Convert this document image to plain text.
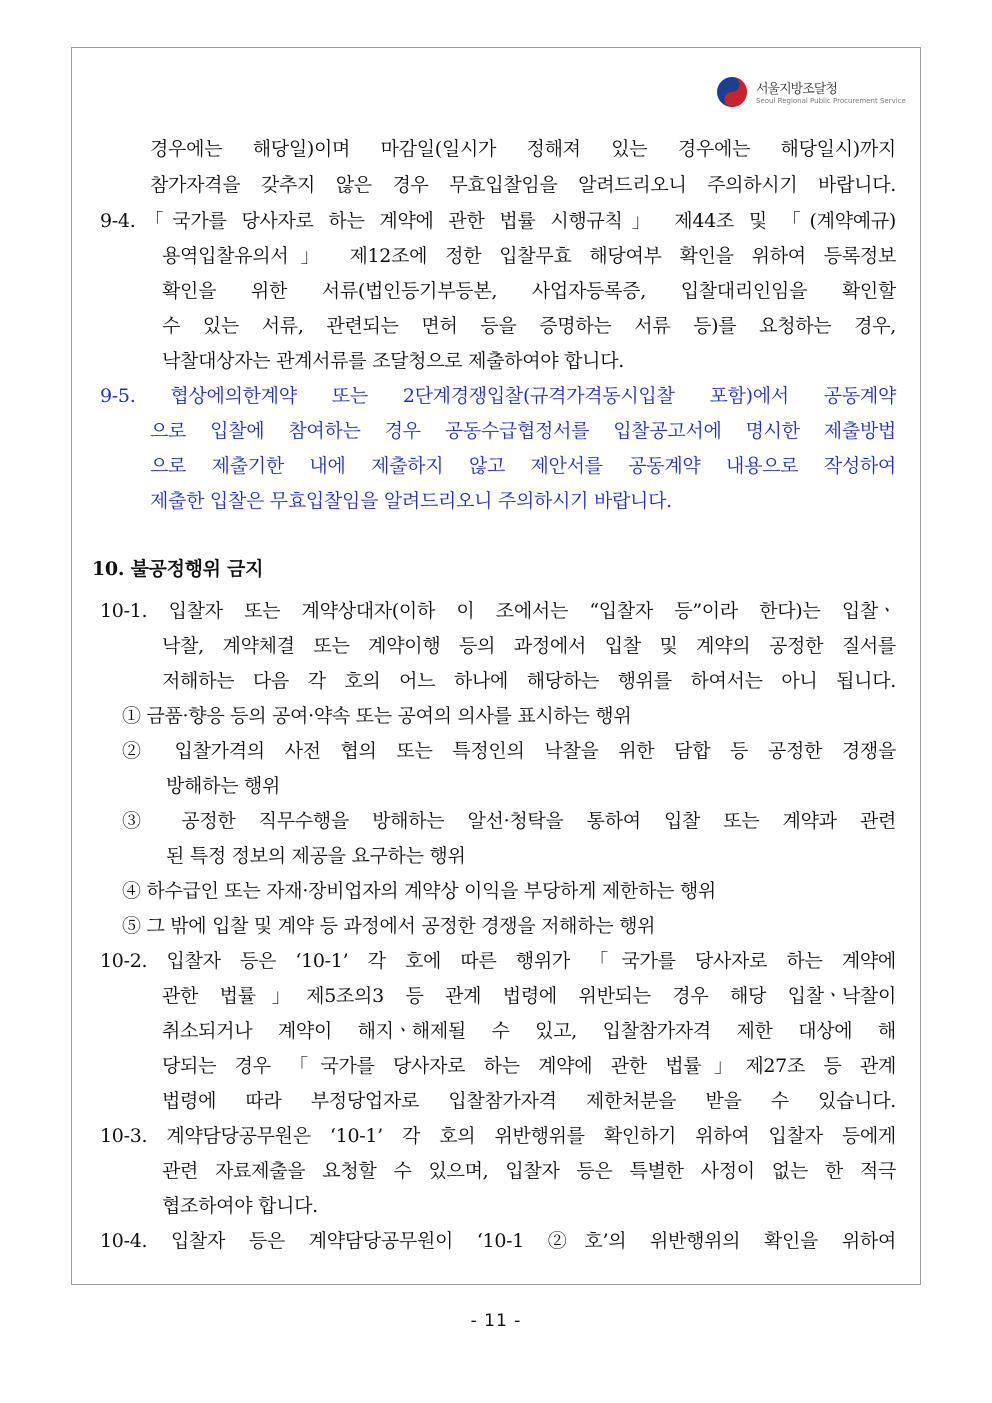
서울지방조달청
Seoul Regional Public Procurement Service
경우에는 해당일)이며 마감일(일시가 정해져 있는 경우에는 해당일시)까지
참가자격을 갖추지 않은 경우 무효입찰임을 알려드리오니 주의하시기 바랍니다.
9-4.「국가를 당사자로 하는 계약에 관한 법률 시행규칙」 제44조 및 「(계약예규)
용역입찰유의서」 제12조에 정한 입찰무효 해당여부 확인을 위하여 등록정보
확인을 위한 서류(법인등기부등본, 사업자등록증, 입찰대리인임을 확인할
수 있는 서류, 관련되는 면허 등을 증명하는 서류 등)를 요청하는 경우,
낙찰대상자는 관계서류를 조달청으로 제출하여야 합니다.
9-5. 협상에의한계약 또는 2단계경쟁입찰(규격가격동시입찰 포함)에서 공동계약
으로 입찰에 참여하는 경우 공동수급협정서를 입찰공고서에 명시한 제출방법
으로 제출기한 내에 제출하지 않고 제안서를 공동계약 내용으로 작성하여
제출한 입찰은 무효입찰임을 알려드리오니 주의하시기 바랍니다.
10. 불공정행위 금지
10-1. 입찰자 또는 계약상대자(이하 이 조에서는 “입찰자 등”이라 한다)는 입찰ㆍ
낙찰, 계약체결 또는 계약이행 등의 과정에서 입찰 및 계약의 공정한 질서를
저해하는 다음 각 호의 어느 하나에 해당하는 행위를 하여서는 아니 됩니다.
① 금품·향응 등의 공여·약속 또는 공여의 의사를 표시하는 행위
② 입찰가격의 사전 협의 또는 특정인의 낙찰을 위한 담합 등 공정한 경쟁을
방해하는 행위
③ 공정한 직무수행을 방해하는 알선·청탁을 통하여 입찰 또는 계약과 관련
된 특정 정보의 제공을 요구하는 행위
④ 하수급인 또는 자재·장비업자의 계약상 이익을 부당하게 제한하는 행위
⑤ 그 밖에 입찰 및 계약 등 과정에서 공정한 경쟁을 저해하는 행위
10-2. 입찰자 등은 ‘10-1’ 각 호에 따른 행위가 「국가를 당사자로 하는 계약에
관한 법률」제5조의3 등 관계 법령에 위반되는 경우 해당 입찰ㆍ낙찰이
취소되거나 계약이 해지ㆍ해제될 수 있고, 입찰참가자격 제한 대상에 해
당되는 경우 「국가를 당사자로 하는 계약에 관한 법률」제27조 등 관계
법령에 따라 부정당업자로 입찰참가자격 제한처분을 받을 수 있습니다.
10-3. 계약담당공무원은 ‘10-1’ 각 호의 위반행위를 확인하기 위하여 입찰자 등에게
관련 자료제출을 요청할 수 있으며, 입찰자 등은 특별한 사정이 없는 한 적극
협조하여야 합니다.
10-4. 입찰자 등은 계약담당공무원이 ‘10-1 ②호’의 위반행위의 확인을 위하여
- 11 -
